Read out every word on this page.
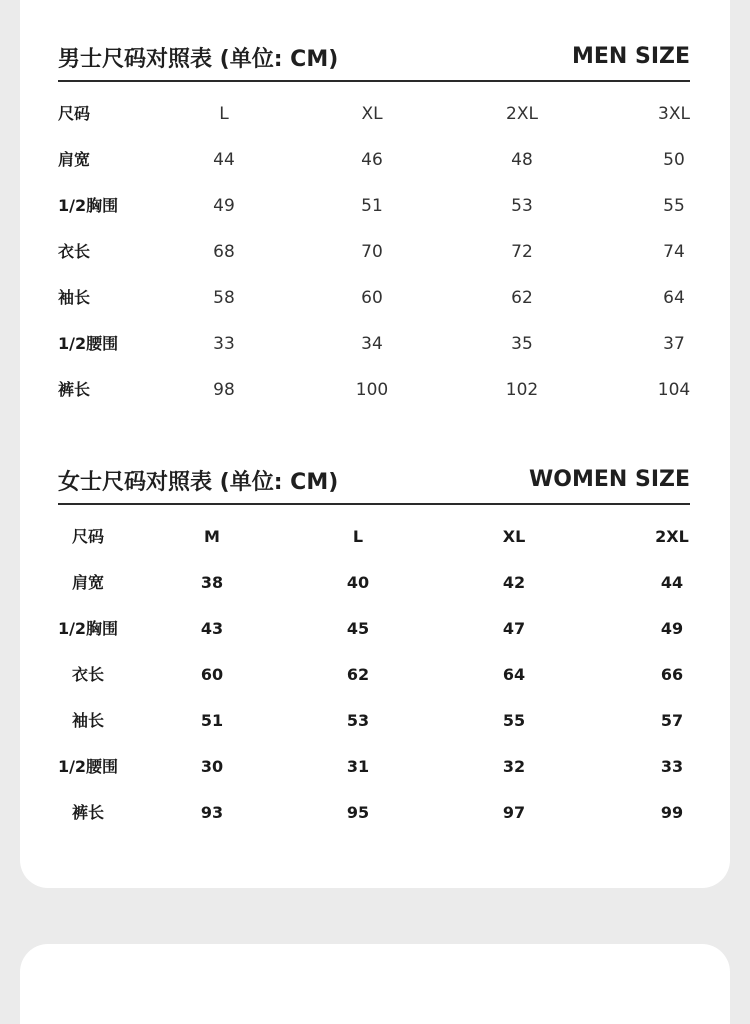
男士尺码对照表 (单位: CM)	MEN SIZE
尺码	L	XL	2XL	3XL
肩宽	44	46	48	50
1/2胸围	49	51	53	55
衣长	68	70	72	74
袖长	58	60	62	64
1/2腰围	33	34	35	37
裤长	98	100	102	104
女士尺码对照表 (单位: CM)	WOMEN SIZE
尺码	M	L	XL	2XL
肩宽	38	40	42	44
1/2胸围	43	45	47	49
衣长	60	62	64	66
袖长	51	53	55	57
1/2腰围	30	31	32	33
裤长	93	95	97	99
